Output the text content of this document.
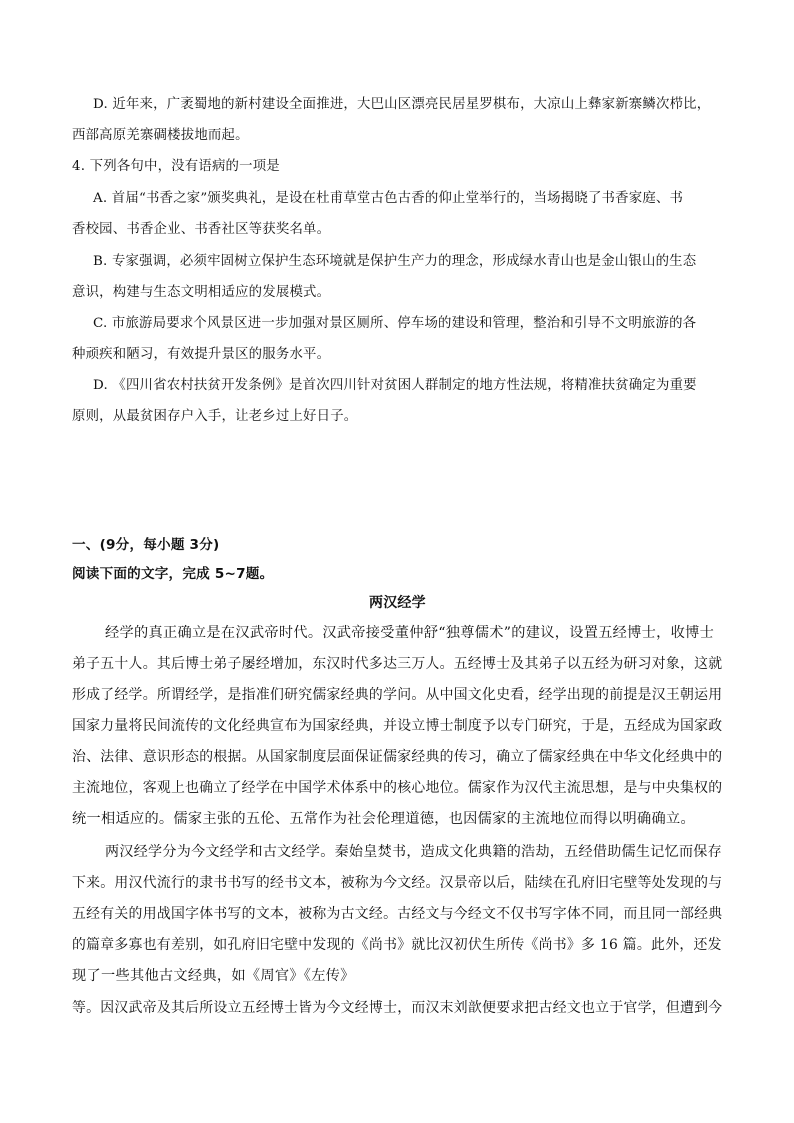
D. 近年来，广袤蜀地的新村建设全面推进，大巴山区漂亮民居星罗棋布，大凉山上彝家新寨鳞次栉比，
西部高原羌寨碉楼拔地而起。
4. 下列各句中，没有语病的一项是
A. 首届“书香之家”颁奖典礼，是设在杜甫草堂古色古香的仰止堂举行的，当场揭晓了书香家庭、书
香校园、书香企业、书香社区等获奖名单。
B. 专家强调，必须牢固树立保护生态环境就是保护生产力的理念，形成绿水青山也是金山银山的生态
意识，构建与生态文明相适应的发展模式。
C. 市旅游局要求个风景区进一步加强对景区厕所、停车场的建设和管理，整治和引导不文明旅游的各
种顽疾和陋习，有效提升景区的服务水平。
D. 《四川省农村扶贫开发条例》是首次四川针对贫困人群制定的地方性法规，将精准扶贫确定为重要
原则，从最贫困存户入手，让老乡过上好日子。
一、(9分，每小题 3分)
阅读下面的文字，完成 5~7题。
两汉经学
经学的真正确立是在汉武帝时代。汉武帝接受董仲舒“独尊儒术”的建议，设置五经博士，收博士
弟子五十人。其后博士弟子屡经增加，东汉时代多达三万人。五经博士及其弟子以五经为研习对象，这就
形成了经学。所谓经学，是指准们研究儒家经典的学问。从中国文化史看，经学出现的前提是汉王朝运用
国家力量将民间流传的文化经典宣布为国家经典，并设立博士制度予以专门研究，于是，五经成为国家政
治、法律、意识形态的根据。从国家制度层面保证儒家经典的传习，确立了儒家经典在中华文化经典中的
主流地位，客观上也确立了经学在中国学术体系中的核心地位。儒家作为汉代主流思想，是与中央集权的
统一相适应的。儒家主张的五伦、五常作为社会伦理道德，也因儒家的主流地位而得以明确确立。
两汉经学分为今文经学和古文经学。秦始皇焚书，造成文化典籍的浩劫，五经借助儒生记忆而保存
下来。用汉代流行的隶书书写的经书文本，被称为今文经。汉景帝以后，陆续在孔府旧宅壁等处发现的与
五经有关的用战国字体书写的文本，被称为古文经。古经文与今经文不仅书写字体不同，而且同一部经典
的篇章多寡也有差别，如孔府旧宅壁中发现的《尚书》就比汉初伏生所传《尚书》多 16 篇。此外，还发
现了一些其他古文经典，如《周官》《左传》
等。因汉武帝及其后所设立五经博士皆为今文经博士，而汉末刘歆便要求把古经文也立于官学，但遭到今
